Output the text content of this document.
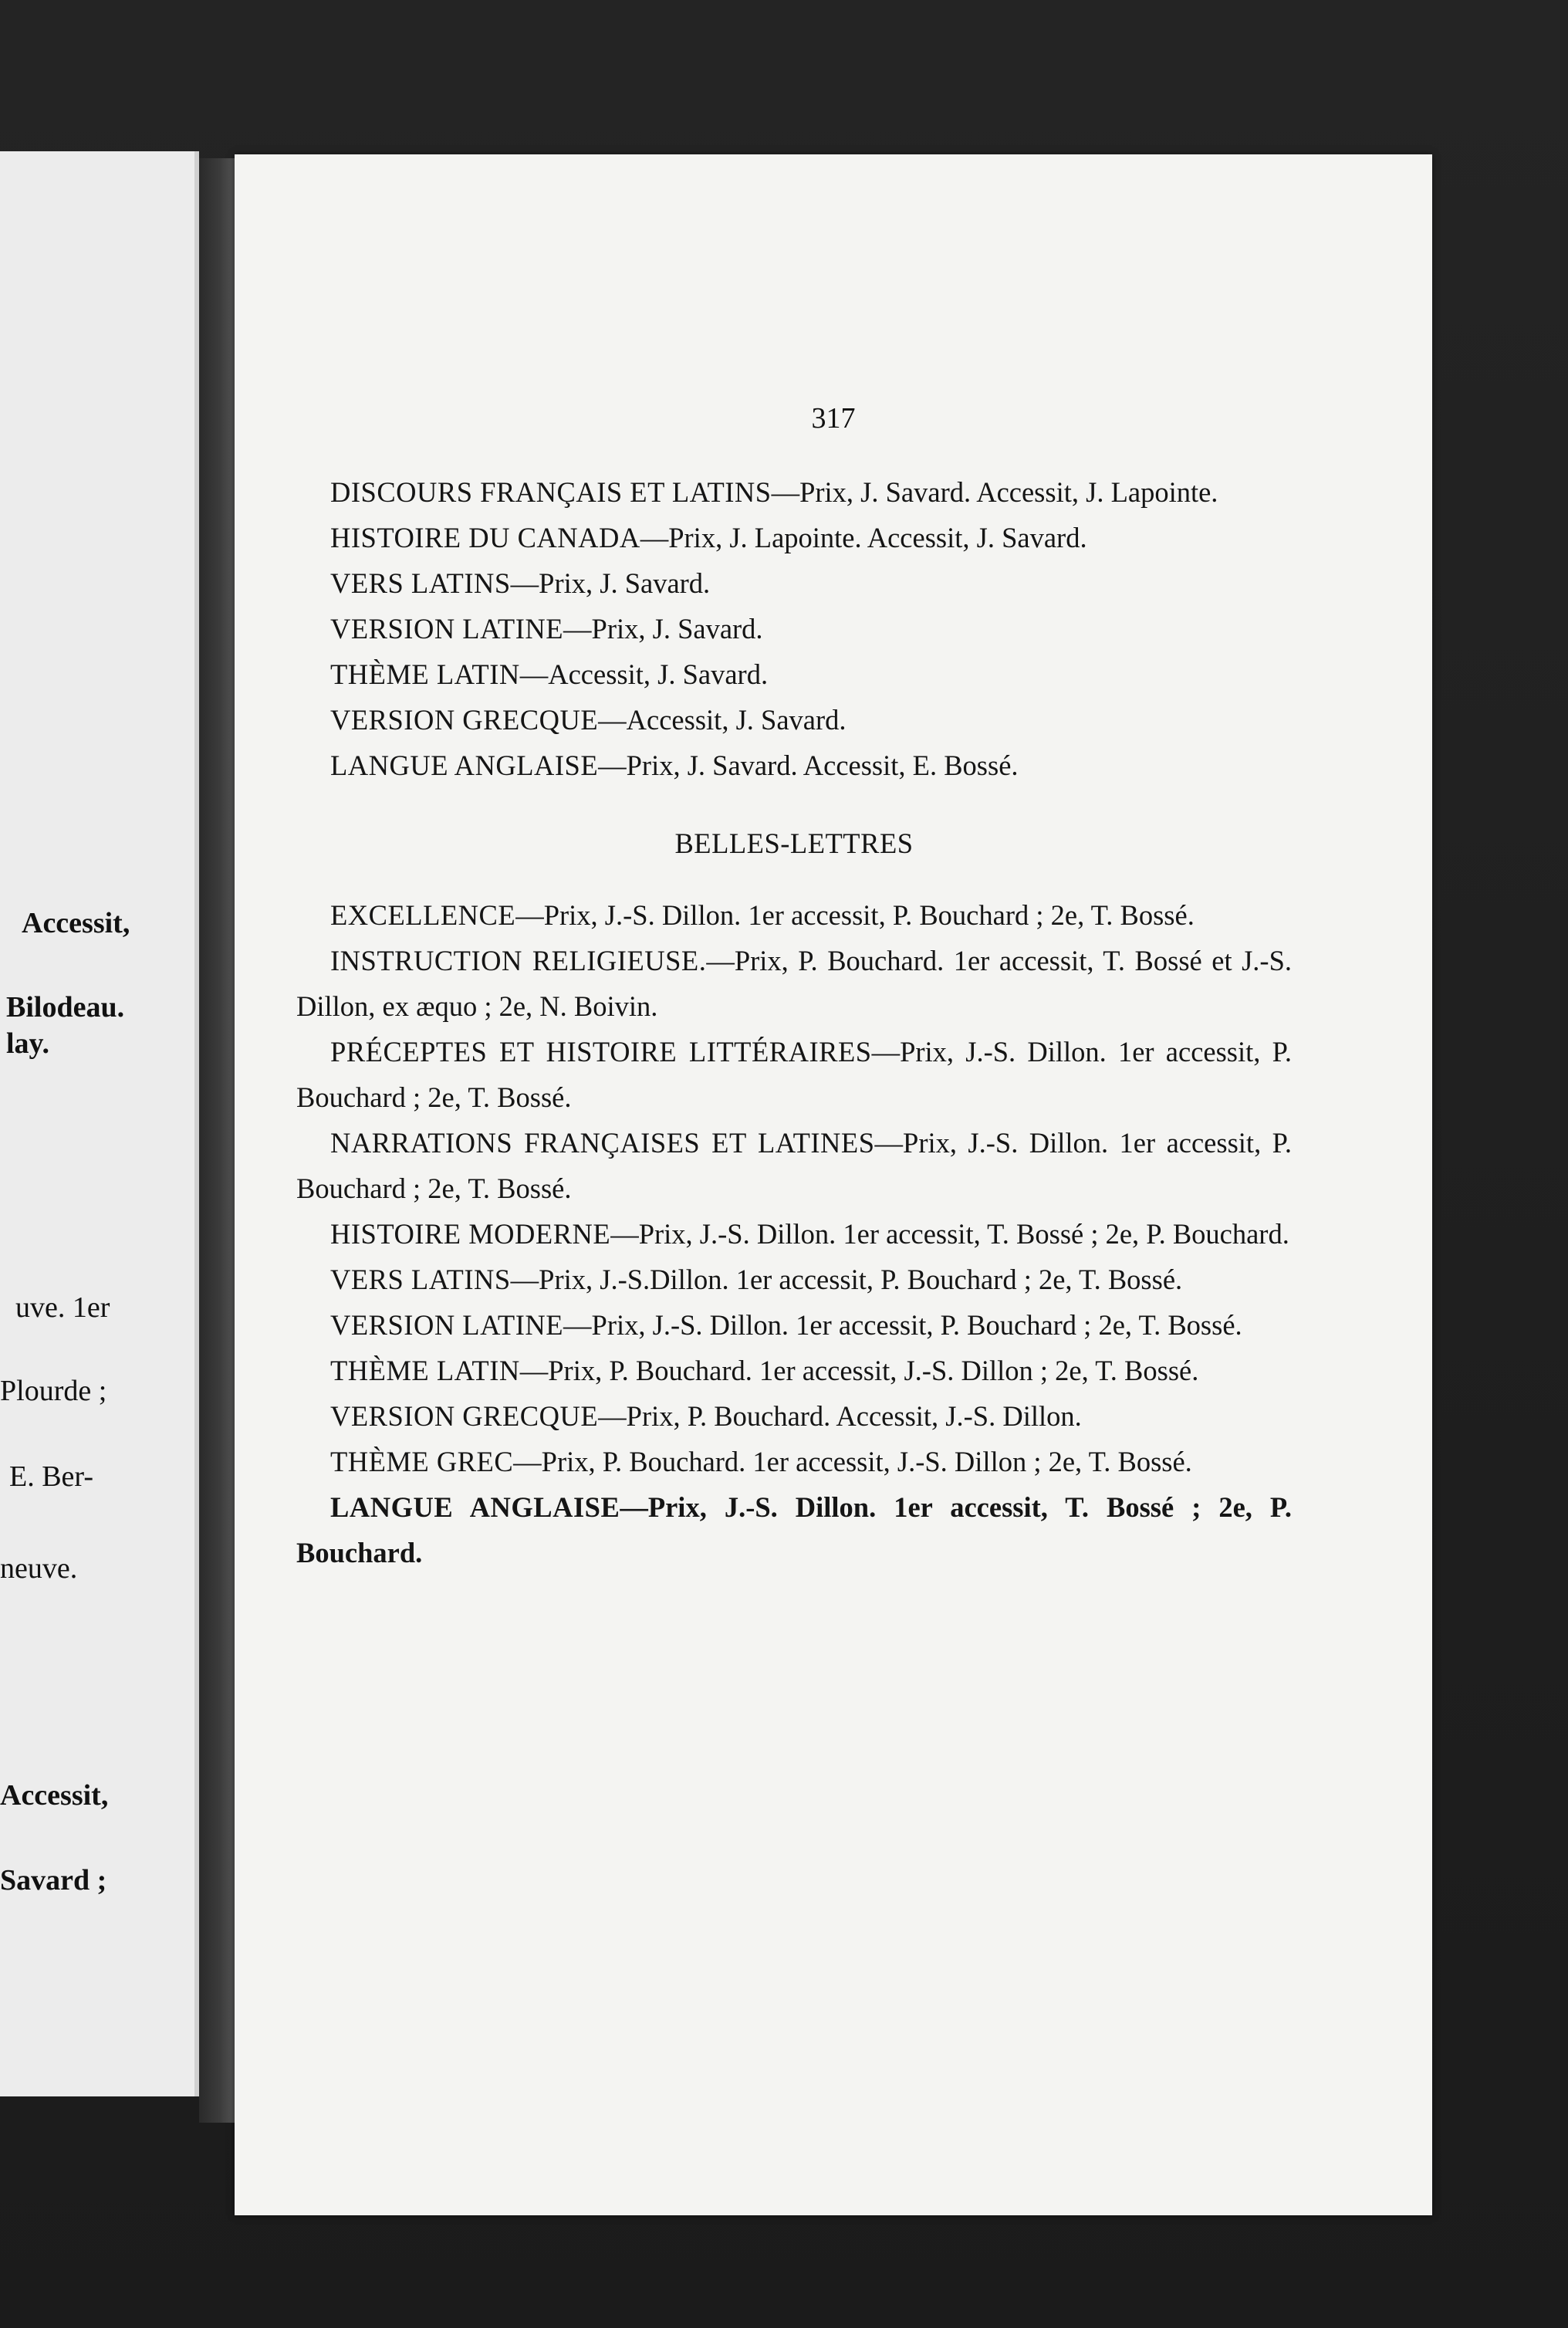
Accessit,
Bilodeau.
lay.
uve. 1er
Plourde ;
E. Ber-
neuve.
Accessit,
Savard ;
317

DISCOURS FRANÇAIS ET LATINS—Prix, J. Savard. Accessit, J. Lapointe.

HISTOIRE DU CANADA—Prix, J. Lapointe. Accessit, J. Savard.

VERS LATINS—Prix, J. Savard.

VERSION LATINE—Prix, J. Savard.

THÈME LATIN—Accessit, J. Savard.

VERSION GRECQUE—Accessit, J. Savard.

LANGUE ANGLAISE—Prix, J. Savard. Accessit, E. Bossé.

BELLES-LETTRES

EXCELLENCE—Prix, J.-S. Dillon. 1er accessit, P. Bouchard ; 2e, T. Bossé.

INSTRUCTION RELIGIEUSE.—Prix, P. Bouchard. 1er accessit, T. Bossé et J.-S. Dillon, ex æquo ; 2e, N. Boivin.

PRÉCEPTES ET HISTOIRE LITTÉRAIRES—Prix, J.-S. Dillon. 1er accessit, P. Bouchard ; 2e, T. Bossé.

NARRATIONS FRANÇAISES ET LATINES—Prix, J.-S. Dillon. 1er accessit, P. Bouchard ; 2e, T. Bossé.

HISTOIRE MODERNE—Prix, J.-S. Dillon. 1er accessit, T. Bossé ; 2e, P. Bouchard.

VERS LATINS—Prix, J.-S.Dillon. 1er accessit, P. Bouchard ; 2e, T. Bossé.

VERSION LATINE—Prix, J.-S. Dillon. 1er accessit, P. Bouchard ; 2e, T. Bossé.

THÈME LATIN—Prix, P. Bouchard. 1er accessit, J.-S. Dillon ; 2e, T. Bossé.

VERSION GRECQUE—Prix, P. Bouchard. Accessit, J.-S. Dillon.

THÈME GREC—Prix, P. Bouchard. 1er accessit, J.-S. Dillon ; 2e, T. Bossé.

LANGUE ANGLAISE—Prix, J.-S. Dillon. 1er accessit, T. Bossé ; 2e, P. Bouchard.
